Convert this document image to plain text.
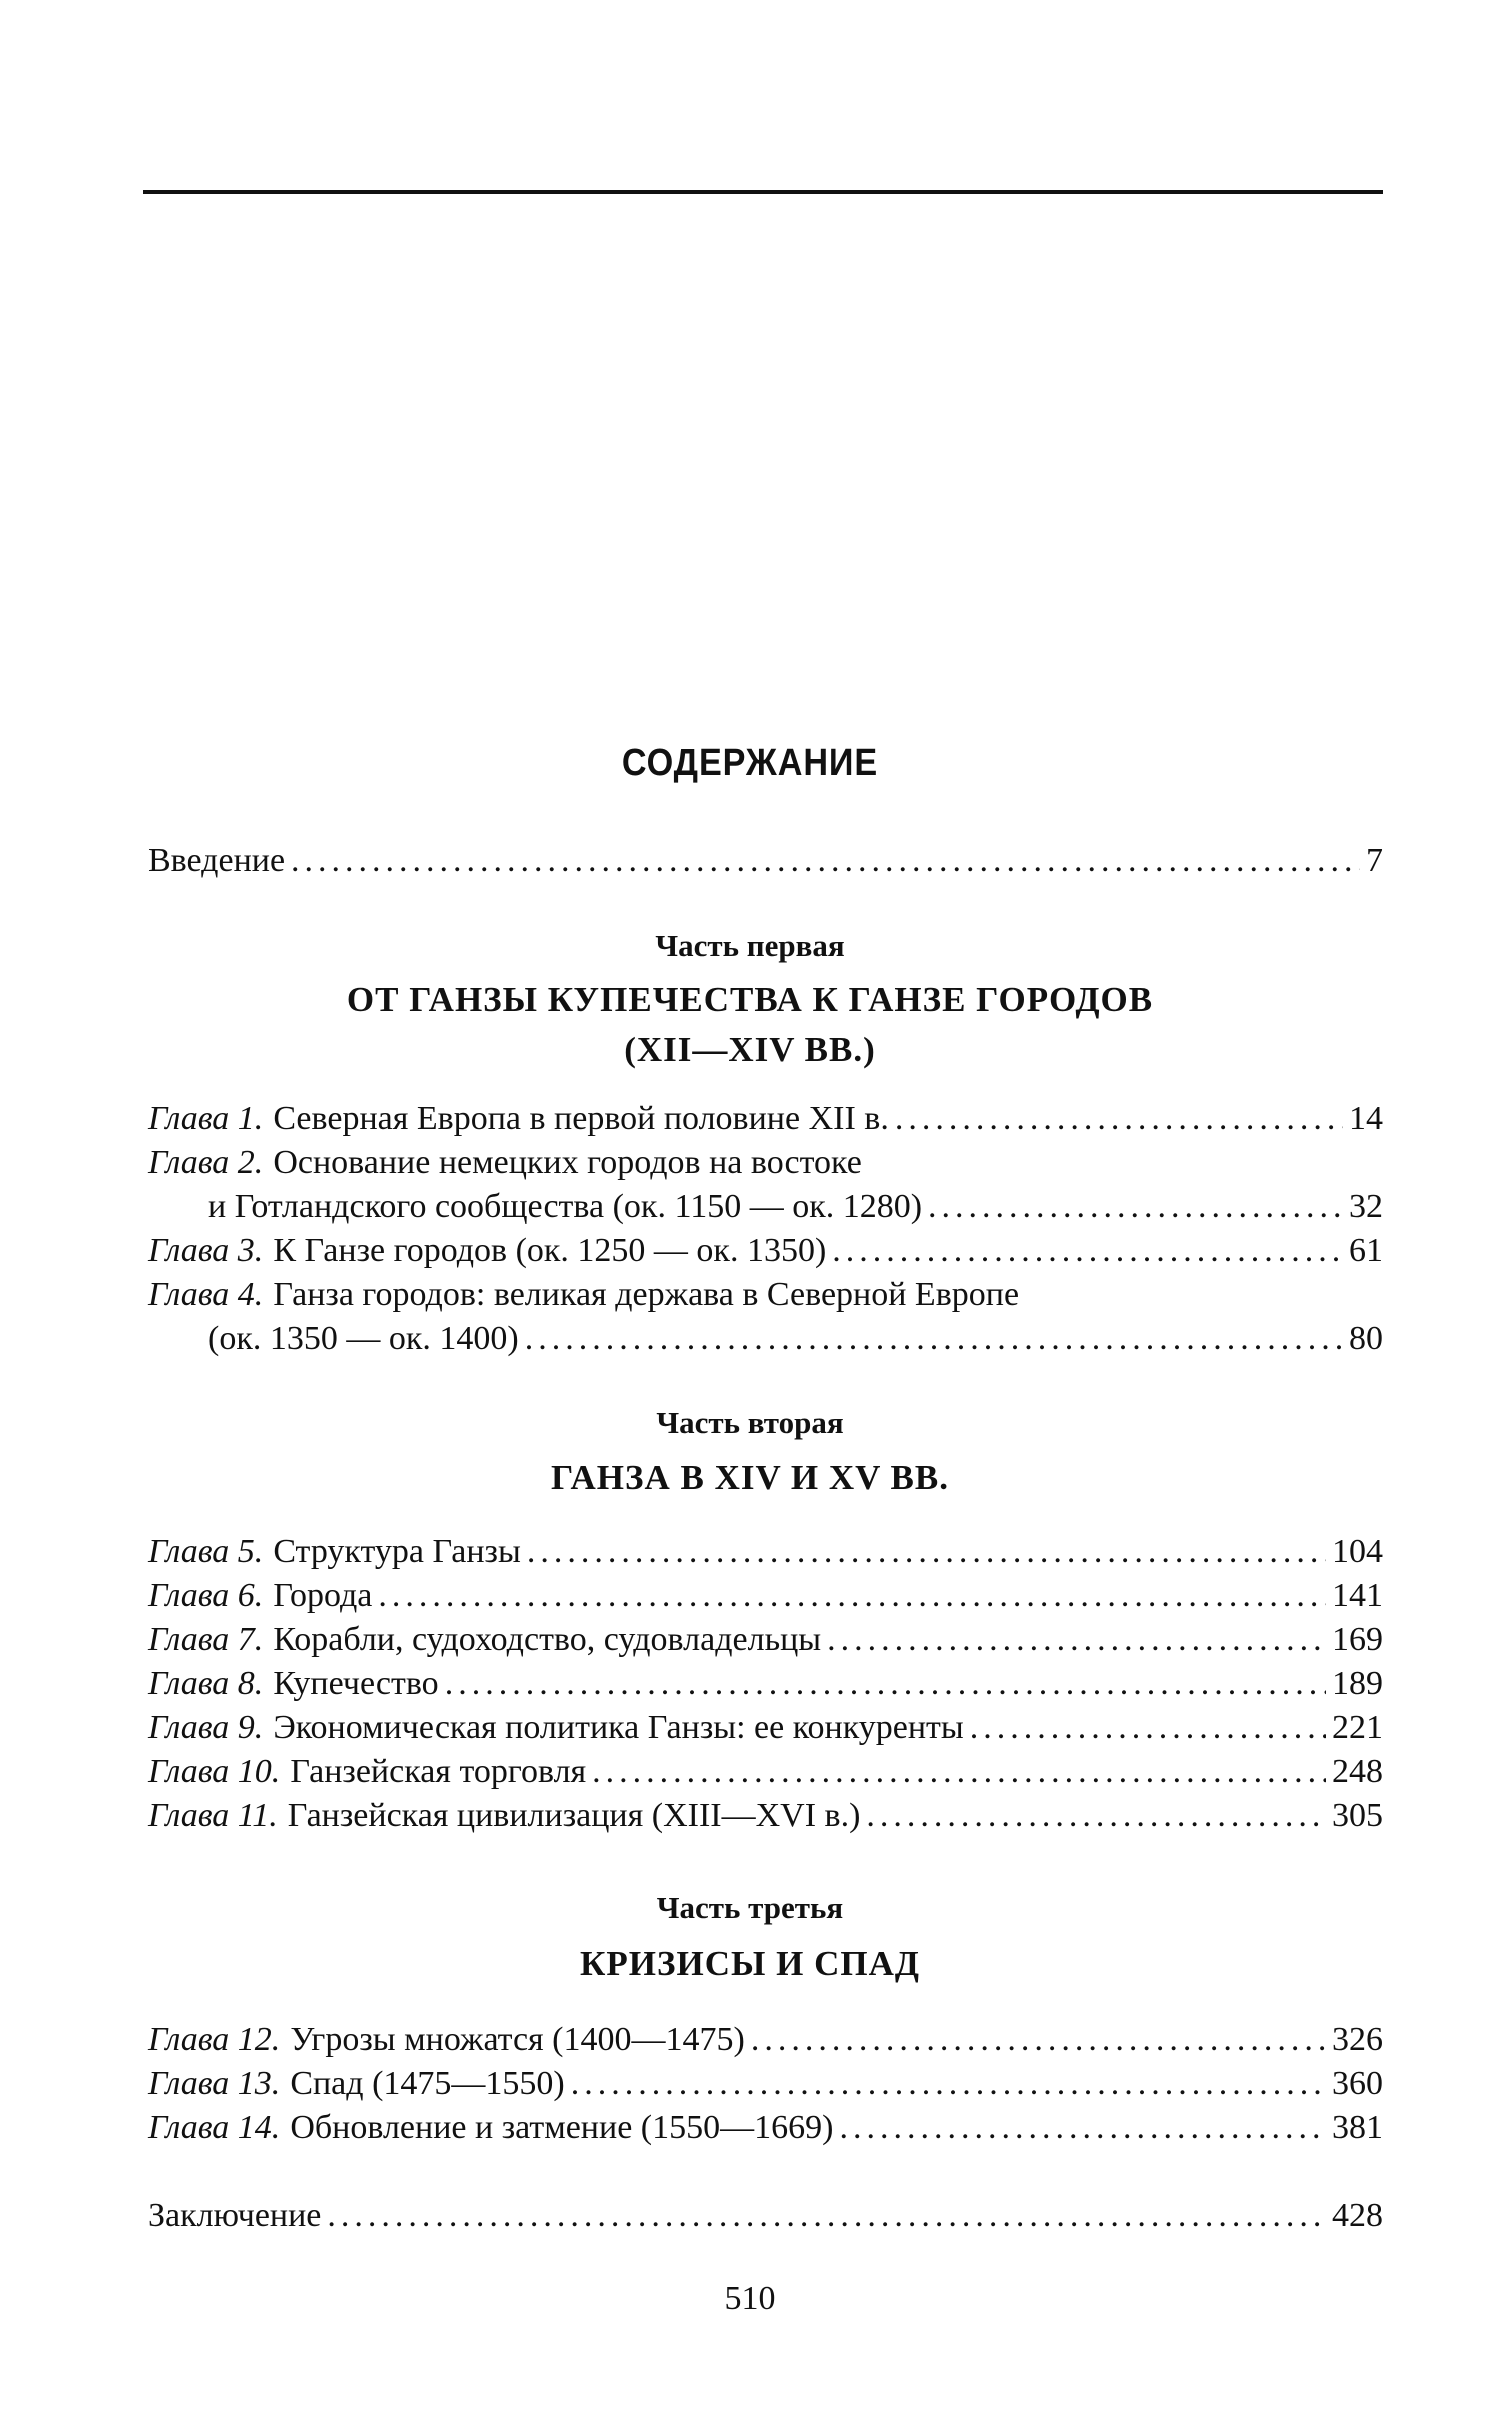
СОДЕРЖАНИЕ
Введение .....	7
Часть первая
ОТ ГАНЗЫ КУПЕЧЕСТВА К ГАНЗЕ ГОРОДОВ
(XII—XIV ВВ.)
Глава 1. Северная Европа в первой половине XII в. .....	14
Глава 2. Основание немецких городов на востоке
и Готландского сообщества (ок. 1150 — ок. 1280) .....	32
Глава 3. К Ганзе городов (ок. 1250 — ок. 1350) .....	61
Глава 4. Ганза городов: великая держава в Северной Европе
(ок. 1350 — ок. 1400) .....	80
Часть вторая
ГАНЗА В XIV И XV ВВ.
Глава 5. Структура Ганзы .....	104
Глава 6. Города .....	141
Глава 7. Корабли, судоходство, судовладельцы .....	169
Глава 8. Купечество .....	189
Глава 9. Экономическая политика Ганзы: ее конкуренты .....	221
Глава 10. Ганзейская торговля .....	248
Глава 11. Ганзейская цивилизация (XIII—XVI в.) .....	305
Часть третья
КРИЗИСЫ И СПАД
Глава 12. Угрозы множатся (1400—1475) .....	326
Глава 13. Спад (1475—1550) .....	360
Глава 14. Обновление и затмение (1550—1669) .....	381
Заключение .....	428
510
